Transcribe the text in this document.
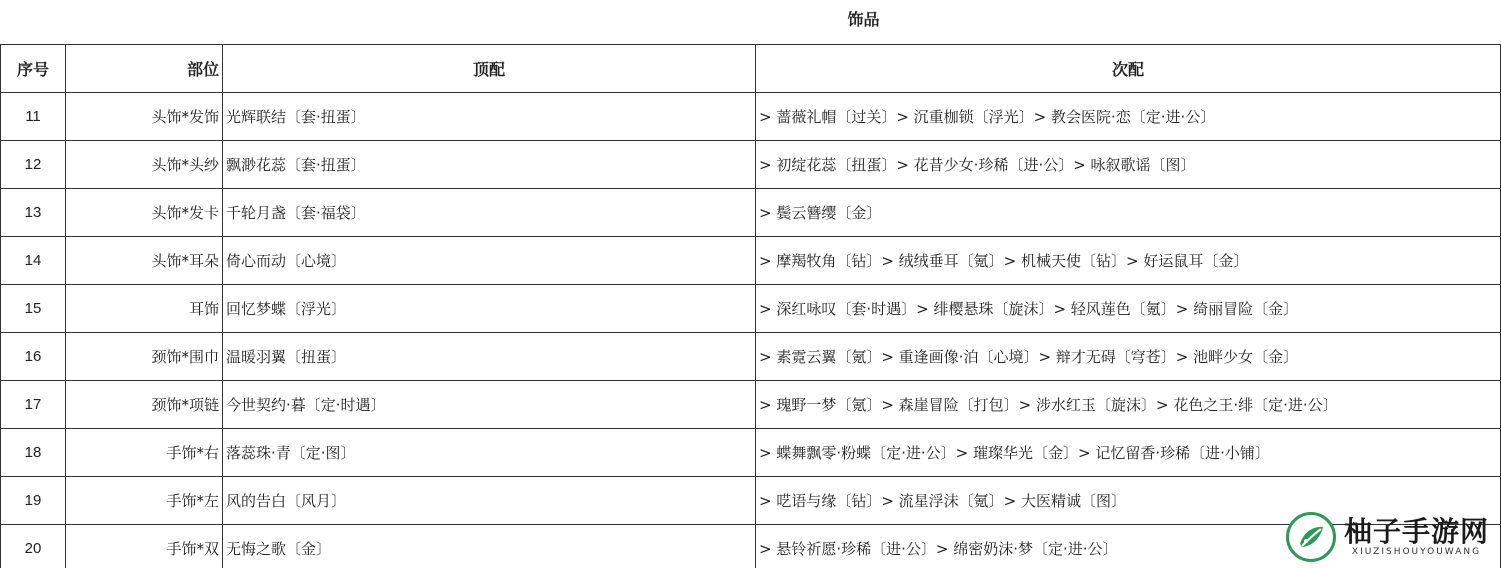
饰品
序号	部位	顶配	次配
11	头饰*发饰	光辉联结〔套·扭蛋〕	> 蔷薇礼帽〔过关〕> 沉重枷锁〔浮光〕> 教会医院·恋〔定·进·公〕
12	头饰*头纱	飘渺花蕊〔套·扭蛋〕	> 初绽花蕊〔扭蛋〕> 花昔少女·珍稀〔进·公〕> 咏叙歌谣〔图〕
13	头饰*发卡	千轮月盏〔套·福袋〕	> 鬓云簪缨〔金〕
14	头饰*耳朵	倚心而动〔心境〕	> 摩羯牧角〔钻〕> 绒绒垂耳〔氪〕> 机械天使〔钻〕> 好运鼠耳〔金〕
15	耳饰	回忆梦蝶〔浮光〕	> 深红咏叹〔套·时遇〕> 绯樱悬珠〔旋沫〕> 轻风莲色〔氪〕> 绮丽冒险〔金〕
16	颈饰*围巾	温暖羽翼〔扭蛋〕	> 素霓云翼〔氪〕> 重逢画像·泊〔心境〕> 辩才无碍〔穹苍〕> 池畔少女〔金〕
17	颈饰*项链	今世契约·暮〔定·时遇〕	> 瑰野一梦〔氪〕> 森崖冒险〔打包〕> 涉水红玉〔旋沫〕> 花色之王·绯〔定·进·公〕
18	手饰*右	落蕊珠·青〔定·图〕	> 蝶舞飘零·粉蝶〔定·进·公〕> 璀璨华光〔金〕> 记忆留香·珍稀〔进·小铺〕
19	手饰*左	风的告白〔风月〕	> 呓语与缘〔钻〕> 流星浮沫〔氪〕> 大医精诚〔图〕
20	手饰*双	无悔之歌〔金〕	> 悬铃祈愿·珍稀〔进·公〕> 绵密奶沫·梦〔定·进·公〕
柚子手游网
XIUZISHOUYOUWANG
